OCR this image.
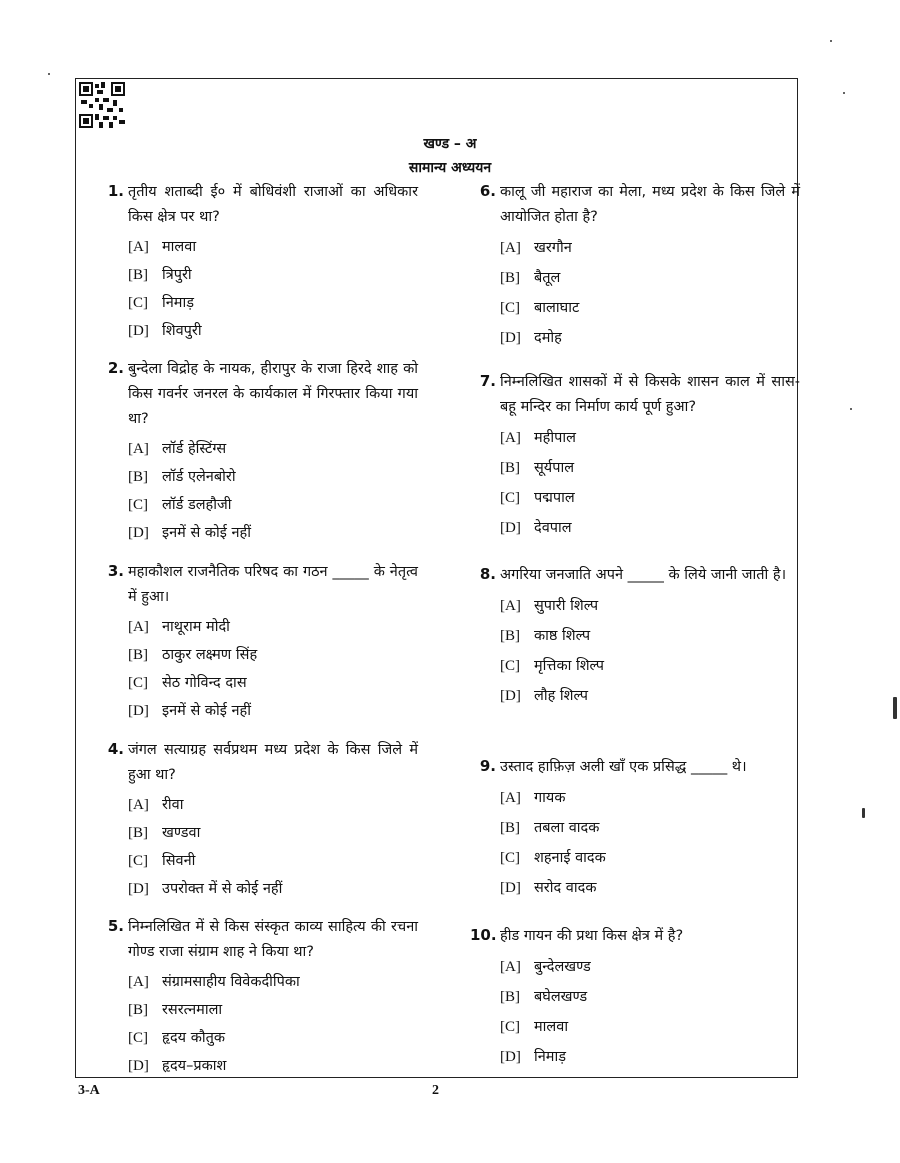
खण्ड – अ
सामान्य अध्ययन
1. तृतीय शताब्दी ई० में बोधिवंशी राजाओं का अधिकार किस क्षेत्र पर था?
[A] मालवा
[B] त्रिपुरी
[C] निमाड़
[D] शिवपुरी
2. बुन्देला विद्रोह के नायक, हीरापुर के राजा हिरदे शाह को किस गवर्नर जनरल के कार्यकाल में गिरफ्तार किया गया था?
[A] लॉर्ड हेस्टिंग्स
[B] लॉर्ड एलेनबोरो
[C] लॉर्ड डलहौजी
[D] इनमें से कोई नहीं
3. महाकौशल राजनैतिक परिषद का गठन _____ के नेतृत्व में हुआ।
[A] नाथूराम मोदी
[B] ठाकुर लक्ष्मण सिंह
[C] सेठ गोविन्द दास
[D] इनमें से कोई नहीं
4. जंगल सत्याग्रह सर्वप्रथम मध्य प्रदेश के किस जिले में हुआ था?
[A] रीवा
[B] खण्डवा
[C] सिवनी
[D] उपरोक्त में से कोई नहीं
5. निम्नलिखित में से किस संस्कृत काव्य साहित्य की रचना गोण्ड राजा संग्राम शाह ने किया था?
[A] संग्रामसाहीय विवेकदीपिका
[B] रसरत्नमाला
[C] हृदय कौतुक
[D] हृदय–प्रकाश
6. कालू जी महाराज का मेला, मध्य प्रदेश के किस जिले में आयोजित होता है?
[A] खरगौन
[B] बैतूल
[C] बालाघाट
[D] दमोह
7. निम्नलिखित शासकों में से किसके शासन काल में सास-बहू मन्दिर का निर्माण कार्य पूर्ण हुआ?
[A] महीपाल
[B] सूर्यपाल
[C] पद्मपाल
[D] देवपाल
8. अगरिया जनजाति अपने _____ के लिये जानी जाती है।
[A] सुपारी शिल्प
[B] काष्ठ शिल्प
[C] मृत्तिका शिल्प
[D] लौह शिल्प
9. उस्ताद हाफ़िज़ अली खाँ एक प्रसिद्ध _____ थे।
[A] गायक
[B] तबला वादक
[C] शहनाई वादक
[D] सरोद वादक
10. हीड गायन की प्रथा किस क्षेत्र में है?
[A] बुन्देलखण्ड
[B] बघेलखण्ड
[C] मालवा
[D] निमाड़
3-A	2
